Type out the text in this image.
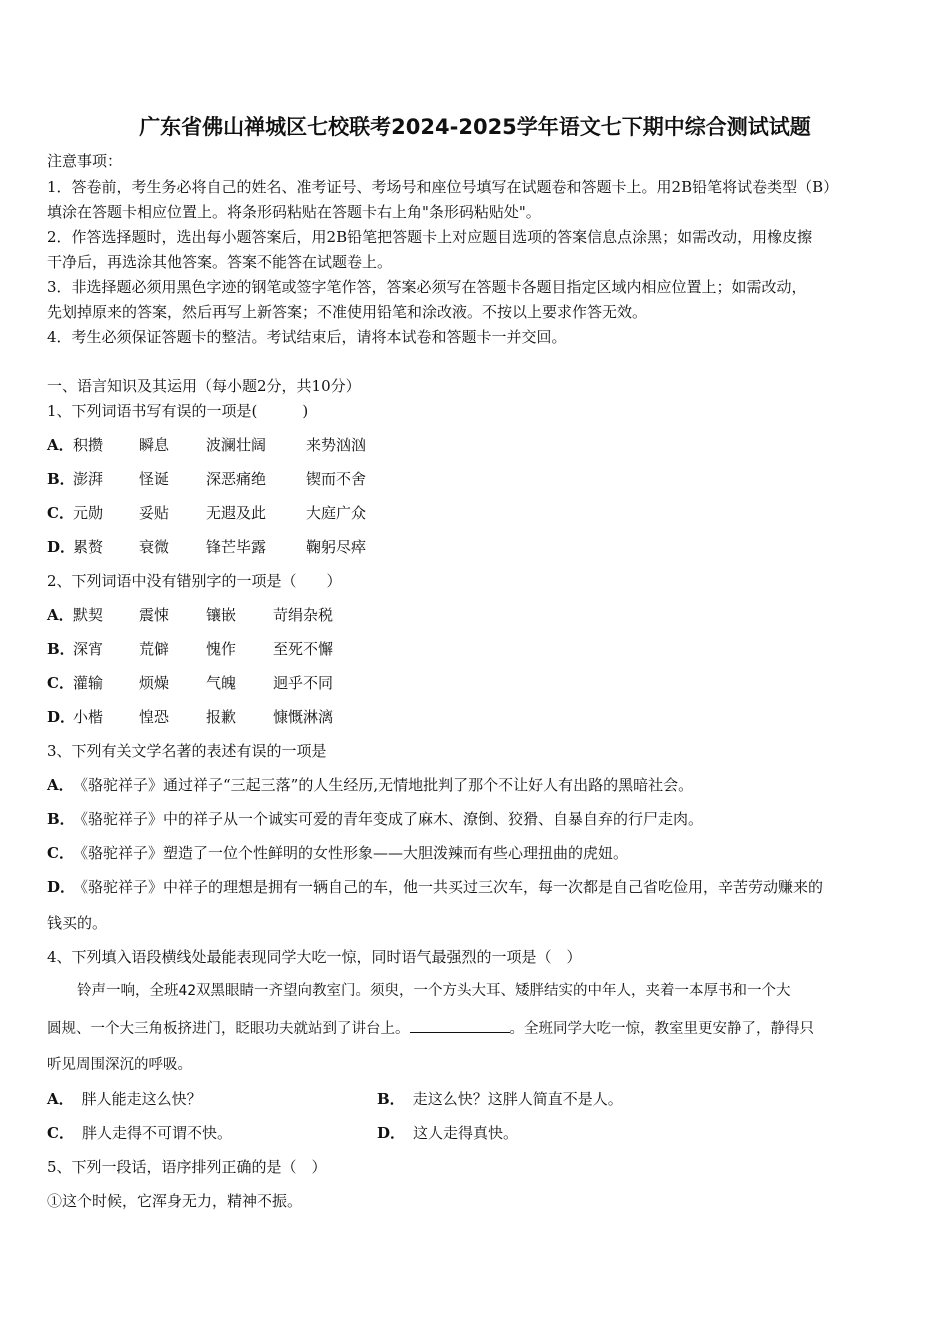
广东省佛山禅城区七校联考2024-2025学年语文七下期中综合测试试题
注意事项：
1．答卷前，考生务必将自己的姓名、准考证号、考场号和座位号填写在试题卷和答题卡上。用2B铅笔将试卷类型（B）
填涂在答题卡相应位置上。将条形码粘贴在答题卡右上角"条形码粘贴处"。
2．作答选择题时，选出每小题答案后，用2B铅笔把答题卡上对应题目选项的答案信息点涂黑；如需改动，用橡皮擦
干净后，再选涂其他答案。答案不能答在试题卷上。
3．非选择题必须用黑色字迹的钢笔或签字笔作答，答案必须写在答题卡各题目指定区域内相应位置上；如需改动，
先划掉原来的答案，然后再写上新答案；不准使用铅笔和涂改液。不按以上要求作答无效。
4．考生必须保证答题卡的整洁。考试结束后，请将本试卷和答题卡一并交回。
一、语言知识及其运用（每小题2分，共10分）
1、下列词语书写有误的一项是(　　　)
A．积攒 瞬息 波澜壮阔	来势汹汹
B．澎湃 怪诞 深恶痛绝	锲而不舍
C．元勋 妥贴 无遐及此	大庭广众
D．累赘 衰微 锋芒毕露	鞠躬尽瘁
2、下列词语中没有错别字的一项是（　　）
A．默契 震悚 镶嵌 苛绢杂税
B．深宵 荒僻 愧作 至死不懈
C．灌输 烦燥 气魄 迥乎不同
D．小楷 惶恐 报歉 慷慨淋漓
3、下列有关文学名著的表述有误的一项是
A．《骆驼祥子》通过祥子“三起三落”的人生经历,无情地批判了那个不让好人有出路的黑暗社会。
B．《骆驼祥子》中的祥子从一个诚实可爱的青年变成了麻木、潦倒、狡猾、自暴自弃的行尸走肉。
C．《骆驼祥子》塑造了一位个性鲜明的女性形象——大胆泼辣而有些心理扭曲的虎妞。
D．《骆驼祥子》中祥子的理想是拥有一辆自己的车，他一共买过三次车，每一次都是自己省吃俭用，辛苦劳动赚来的
钱买的。
4、下列填入语段横线处最能表现同学大吃一惊，同时语气最强烈的一项是（　）
铃声一响，全班42双黑眼睛一齐望向教室门。须臾，一个方头大耳、矮胖结实的中年人，夹着一本厚书和一个大
圆规、一个大三角板挤进门，眨眼功夫就站到了讲台上。	。全班同学大吃一惊，教室里更安静了，静得只
听见周围深沉的呼吸。
A． 胖人能走这么快？	B． 走这么快？这胖人简直不是人。
C． 胖人走得不可谓不快。	D． 这人走得真快。
5、下列一段话，语序排列正确的是（　）
①这个时候，它浑身无力，精神不振。
